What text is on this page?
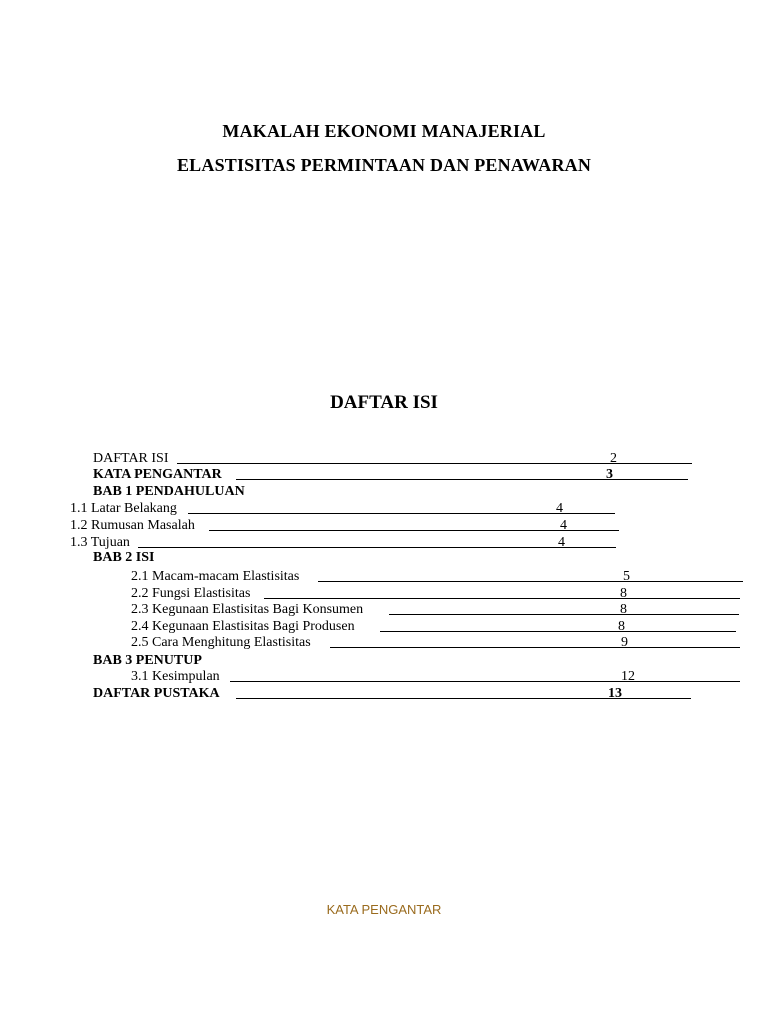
MAKALAH EKONOMI MANAJERIAL
ELASTISITAS PERMINTAAN DAN PENAWARAN
DAFTAR ISI
DAFTAR ISI	2
KATA PENGANTAR	3
BAB 1 PENDAHULUAN
1.1 Latar Belakang	4
1.2 Rumusan Masalah	4
1.3 Tujuan	4
BAB 2 ISI
2.1 Macam-macam Elastisitas	5
2.2 Fungsi Elastisitas	8
2.3 Kegunaan Elastisitas Bagi Konsumen	8
2.4 Kegunaan Elastisitas Bagi Produsen	8
2.5 Cara Menghitung Elastisitas	9
BAB 3 PENUTUP
3.1 Kesimpulan	12
DAFTAR PUSTAKA	13
KATA PENGANTAR
